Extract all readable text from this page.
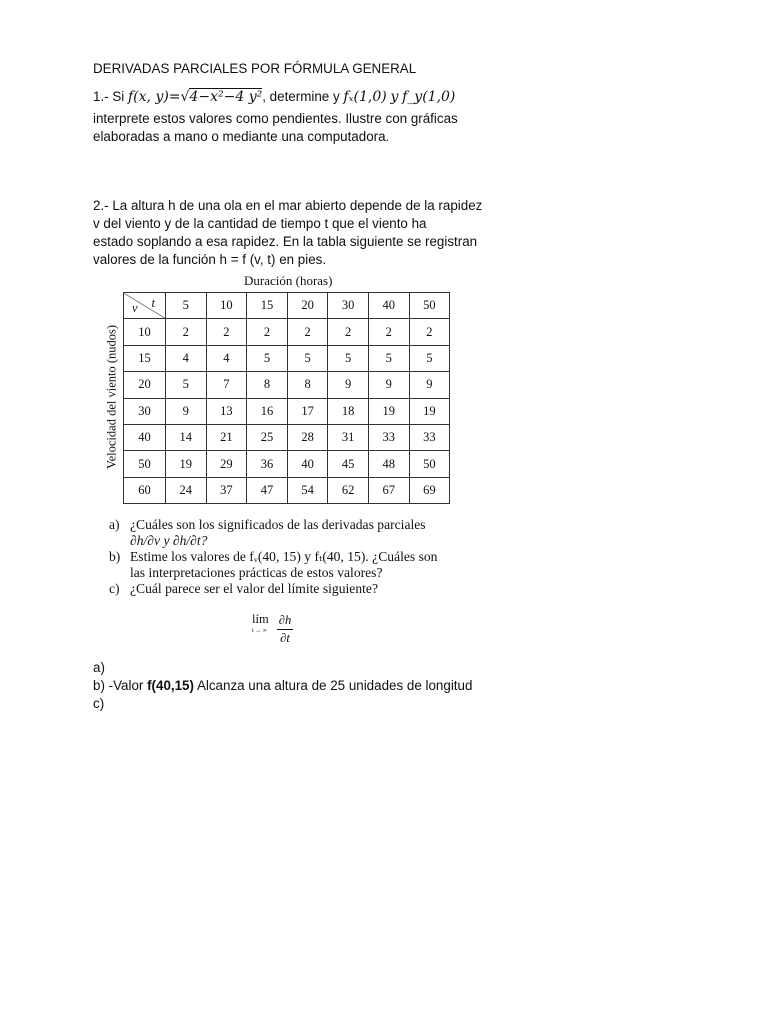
DERIVADAS PARCIALES POR FÓRMULA GENERAL
1.- Si f(x, y)=√4−x²−4 y², determine y fₓ(1,0) y f_y(1,0)
interprete estos valores como pendientes. Ilustre con gráficas
elaboradas a mano o mediante una computadora.
2.- La altura h de una ola en el mar abierto depende de la rapidez
v del viento y de la cantidad de tiempo t que el viento ha
estado soplando a esa rapidez. En la tabla siguiente se registran
valores de la función h = f (v, t) en pies.
Duración (horas)
Velocidad del viento (nudos)
t
v	5	10	15	20	30	40	50
10	2	2	2	2	2	2	2
15	4	4	5	5	5	5	5
20	5	7	8	8	9	9	9
30	9	13	16	17	18	19	19
40	14	21	25	28	31	33	33
50	19	29	36	40	45	48	50
60	24	37	47	54	62	67	69
a) ¿Cuáles son los significados de las derivadas parciales
∂h/∂v y ∂h/∂t?
b) Estime los valores de fᵥ(40, 15) y fₜ(40, 15). ¿Cuáles son
las interpretaciones prácticas de estos valores?
c) ¿Cuál parece ser el valor del límite siguiente?
lím
t → ∞
∂h
∂t
a)
b) -Valor f(40,15) Alcanza una altura de 25 unidades de longitud
c)
